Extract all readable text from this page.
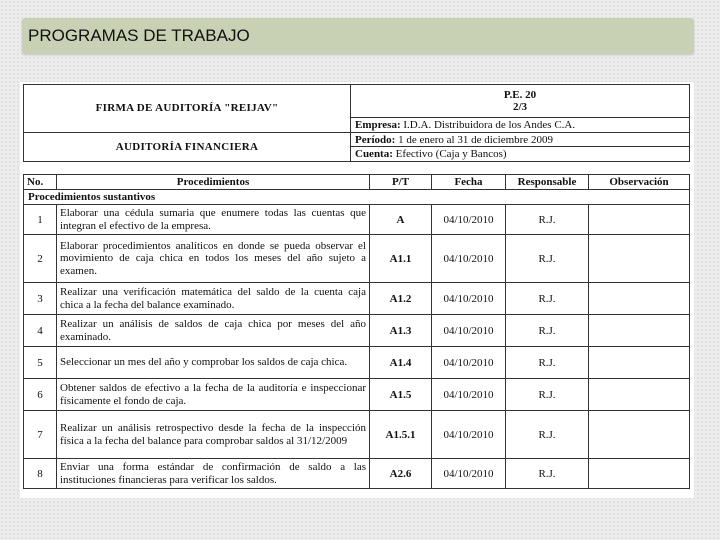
PROGRAMAS DE TRABAJO
FIRMA DE AUDITORÍA "REIJAV"	P.E. 20
2/3

	Empresa: I.D.A. Distribuidora de los Andes C.A.
AUDITORÍA FINANCIERA	Período: 1 de enero al 31 de diciembre 2009
	Cuenta: Efectivo (Caja y Bancos)
No.	Procedimientos	P/T	Fecha	Responsable	Observación
Procedimientos sustantivos					
1	Elaborar una cédula sumaria que enumere todas las cuentas que integran el efectivo de la empresa.	A	04/10/2010	R.J.	
2	Elaborar procedimientos analíticos en donde se pueda observar el movimiento de caja chica en todos los meses del año sujeto a examen.	A1.1	04/10/2010	R.J.	
3	Realizar una verificación matemática del saldo de la cuenta caja chica a la fecha del balance examinado.	A1.2	04/10/2010	R.J.	
4	Realizar un análisis de saldos de caja chica por meses del año examinado.	A1.3	04/10/2010	R.J.	
5	Seleccionar un mes del año y comprobar los saldos de caja chica.	A1.4	04/10/2010	R.J.	
6	Obtener saldos de efectivo a la fecha de la auditoría e inspeccionar físicamente el fondo de caja.	A1.5	04/10/2010	R.J.	
7	Realizar un análisis retrospectivo desde la fecha de la inspección física a la fecha del balance para comprobar saldos al 31/12/2009	A1.5.1	04/10/2010	R.J.	
8	Enviar una forma estándar de confirmación de saldo a las instituciones financieras para verificar los saldos.	A2.6	04/10/2010	R.J.	
